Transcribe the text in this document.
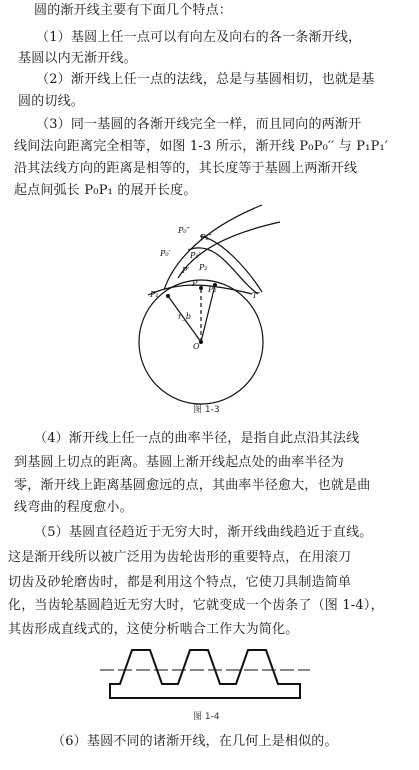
圆的渐开线主要有下面几个特点：
（1）基圆上任一点可以有向左及向右的各一条渐开线，
基圆以内无渐开线。
（2）渐开线上任一点的法线，总是与基圆相切，也就是基
圆的切线。
（3）同一基圆的各渐开线完全一样，而且同向的两渐开
线间法向距离完全相等，如图 1-3 所示，渐开线 P₀P₀′′ 与 P₁P₁′
沿其法线方向的距离是相等的，其长度等于基圆上两渐开线
起点间弧长 P₀P₁ 的展开长度。
P₀″
P₁″
P₀′ P₁′
P′ P₂
P
P₂
T″
P₁
r_b
O
图 1-3
（4）渐开线上任一点的曲率半径，是指自此点沿其法线
到基圆上切点的距离。基圆上渐开线起点处的曲率半径为
零，渐开线上距离基圆愈远的点，其曲率半径愈大，也就是曲
线弯曲的程度愈小。
（5）基圆直径趋近于无穷大时，渐开线曲线趋近于直线。
这是渐开线所以被广泛用为齿轮齿形的重要特点，在用滚刀
切齿及砂轮磨齿时，都是利用这个特点，它使刀具制造简单
化，当齿轮基圆趋近无穷大时，它就变成一个齿条了（图 1-4），
其齿形成直线式的，这使分析啮合工作大为简化。
图 1-4
（6）基圆不同的诸渐开线，在几何上是相似的。
